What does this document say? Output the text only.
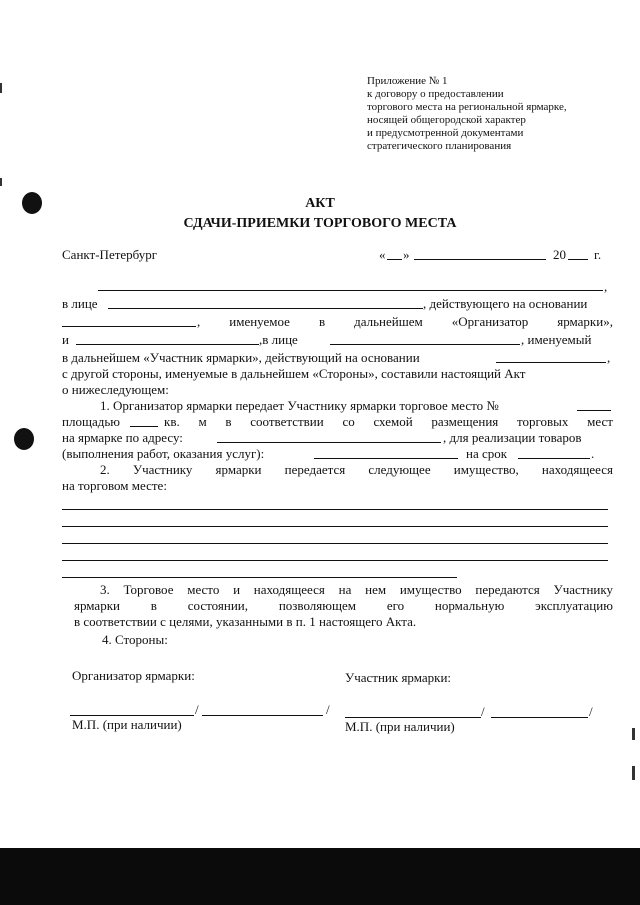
Приложение № 1
к договору о предоставлении
торгового места на региональной ярмарке,
носящей общегородской характер
и предусмотренной документами
стратегического планирования
АКТ
СДАЧИ-ПРИЕМКИ ТОРГОВОГО МЕСТА
Санкт-Петербург	« »	20 г.
,
в лице	, действующего на основании
, именуемое в дальнейшем «Организатор ярмарки»,
и	,в лице	, именуемый
в дальнейшем «Участник ярмарки», действующий на основании	,
с другой стороны, именуемые в дальнейшем «Стороны», составили настоящий Акт
о нижеследующем:
1. Организатор ярмарки передает Участнику ярмарки торговое место №
площадью	кв. м в соответствии со схемой размещения торговых мест
на ярмарке по адресу:	, для реализации товаров
(выполнения работ, оказания услуг):	на срок	.
2. Участнику ярмарки передается следующее имущество, находящееся
на торговом месте:
3. Торговое место и находящееся на нем имущество передаются Участнику
ярмарки в состоянии, позволяющем его нормальную эксплуатацию
в соответствии с целями, указанными в п. 1 настоящего Акта.
4. Стороны:
Организатор ярмарки:	Участник ярмарки:
/	/	/	/
М.П. (при наличии)	М.П. (при наличии)
